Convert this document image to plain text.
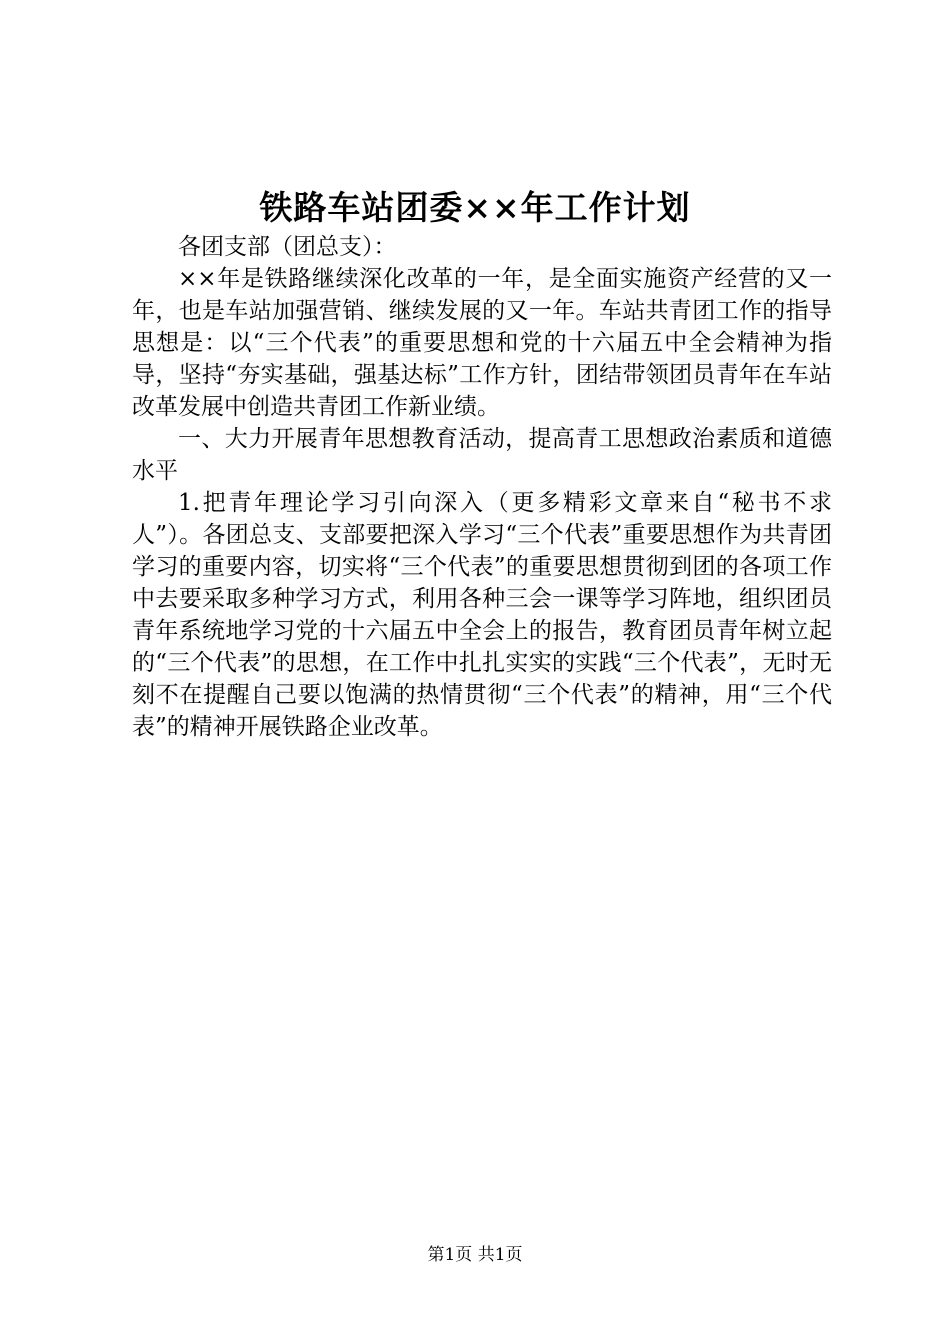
铁路车站团委××年工作计划

各团支部（团总支）：

××年是铁路继续深化改革的一年，是全面实施资产经营的又一年，也是车站加强营销、继续发展的又一年。车站共青团工作的指导思想是：以“三个代表”的重要思想和党的十六届五中全会精神为指导，坚持“夯实基础，强基达标”工作方针，团结带领团员青年在车站改革发展中创造共青团工作新业绩。

一、大力开展青年思想教育活动，提高青工思想政治素质和道德水平

1.把青年理论学习引向深入（更多精彩文章来自“秘书不求人”）。各团总支、支部要把深入学习“三个代表”重要思想作为共青团学习的重要内容，切实将“三个代表”的重要思想贯彻到团的各项工作中去要采取多种学习方式，利用各种三会一课等学习阵地，组织团员青年系统地学习党的十六届五中全会上的报告，教育团员青年树立起的“三个代表”的思想，在工作中扎扎实实的实践“三个代表”，无时无刻不在提醒自己要以饱满的热情贯彻“三个代表”的精神，用“三个代表”的精神开展铁路企业改革。

第1页 共1页
